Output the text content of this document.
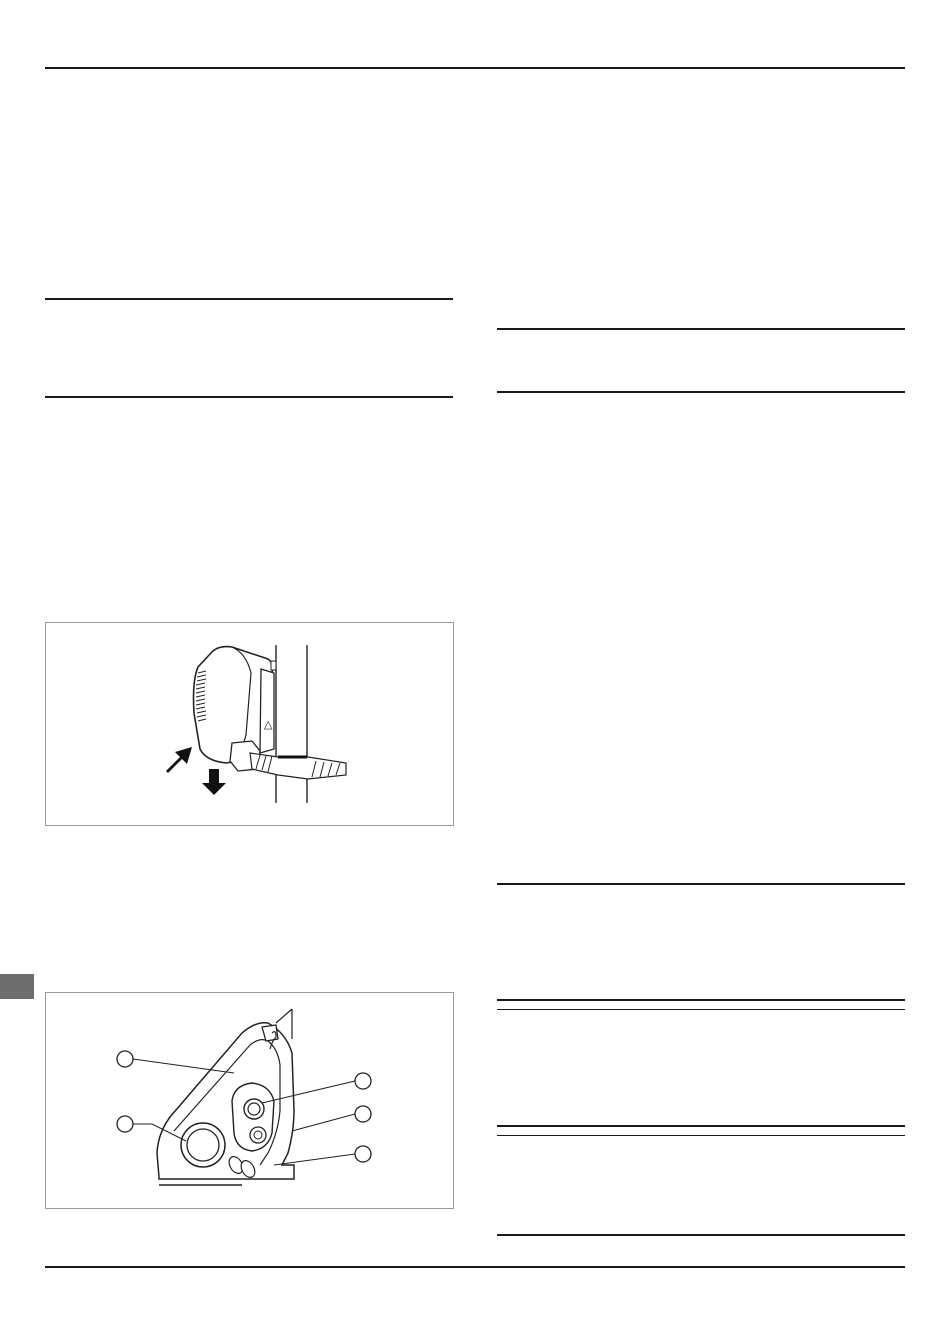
△
